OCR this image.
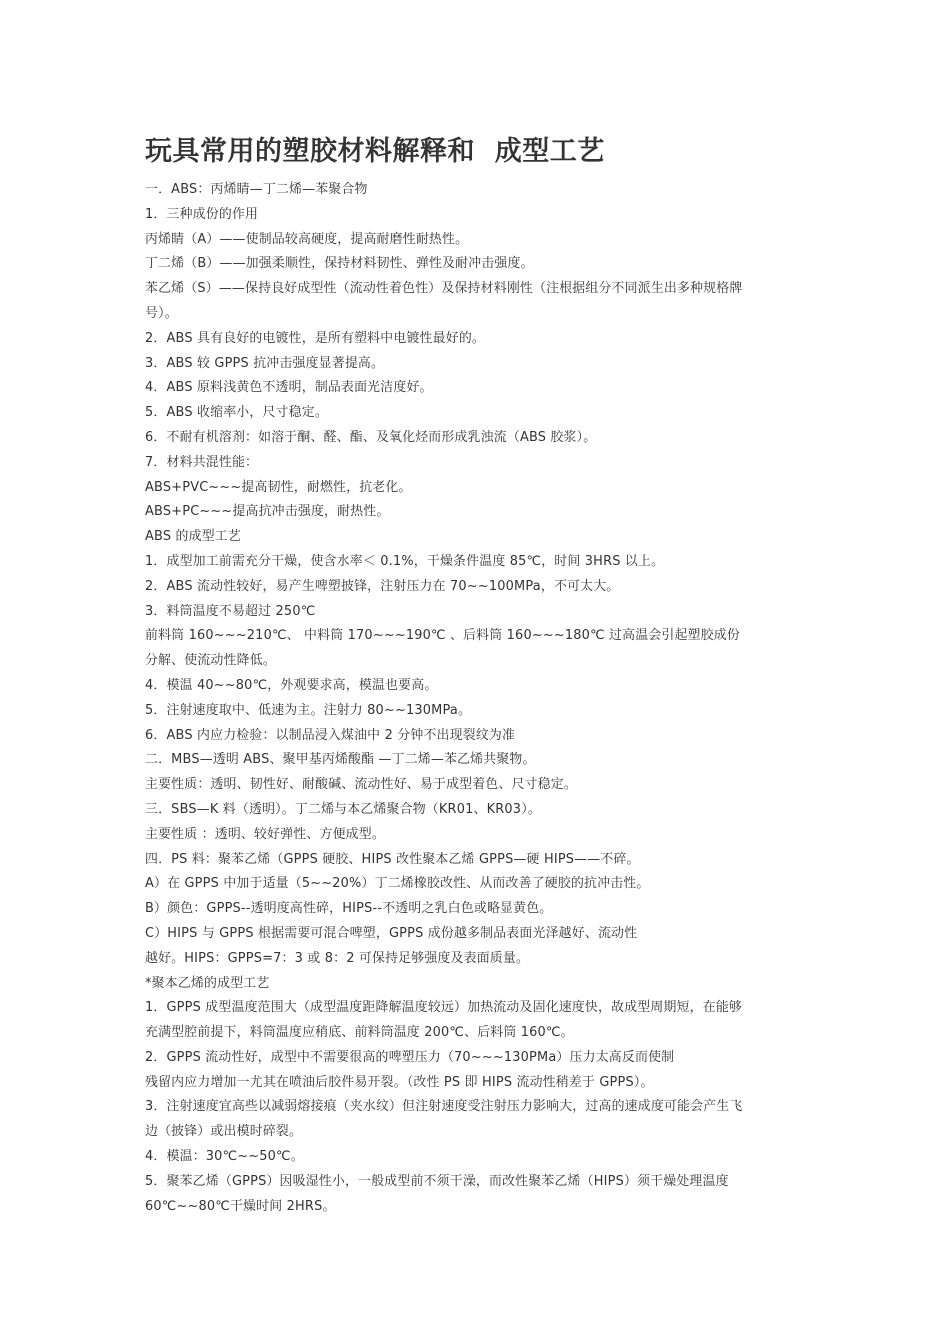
玩具常用的塑胶材料解释和  成型工艺
一．ABS：丙烯睛—丁二烯—苯聚合物
1．三种成份的作用
丙烯睛（A）——使制品较高硬度，提高耐磨性耐热性。
丁二烯（B）——加强柔顺性，保持材料韧性、弹性及耐冲击强度。
苯乙烯（S）——保持良好成型性（流动性着色性）及保持材料刚性（注根据组分不同派生出多种规格牌
号）。
2．ABS 具有良好的电镀性，是所有塑料中电镀性最好的。
3．ABS 较 GPPS 抗冲击强度显著提高。
4．ABS 原料浅黄色不透明，制品表面光洁度好。
5．ABS 收缩率小，尺寸稳定。
6．不耐有机溶剂：如溶于酮、醛、酯、及氧化烃而形成乳浊流（ABS 胶浆）。
7．材料共混性能：
ABS+PVC~~~提高韧性，耐燃性，抗老化。
ABS+PC~~~提高抗冲击强度，耐热性。
ABS 的成型工艺
1．成型加工前需充分干燥，使含水率＜ 0.1%，干燥条件温度 85℃，时间 3HRS 以上。
2．ABS 流动性较好，易产生啤塑披锋，注射压力在 70~~100MPa，不可太大。
3．料筒温度不易超过 250℃
前料筒 160~~~210℃、 中料筒 170~~~190℃ 、后料筒 160~~~180℃ 过高温会引起塑胶成份
分解、使流动性降低。
4．模温 40~~80℃，外观要求高，模温也要高。
5．注射速度取中、低速为主。注射力 80~~130MPa。
6．ABS 内应力检验：以制品浸入煤油中 2 分钟不出现裂纹为准
二．MBS—透明 ABS、聚甲基丙烯酸酯 —丁二烯—苯乙烯共聚物。
主要性质：透明、韧性好、耐酸碱、流动性好、易于成型着色、尺寸稳定。
三．SBS—K 料（透明）。丁二烯与本乙烯聚合物（KR01、KR03）。
主要性质 ：透明、较好弹性、方便成型。
四．PS 料：聚苯乙烯（GPPS 硬胶、HIPS 改性聚本乙烯 GPPS—硬 HIPS——不碎。
A）在 GPPS 中加于适量（5~~20%）丁二烯橡胶改性、从而改善了硬胶的抗冲击性。
B）颜色：GPPS--透明度高性碎，HIPS--不透明之乳白色或略显黄色。
C）HIPS 与 GPPS 根据需要可混合啤塑，GPPS 成份越多制品表面光泽越好、流动性
越好。HIPS：GPPS=7：3 或 8：2 可保持足够强度及表面质量。
*聚本乙烯的成型工艺
1．GPPS 成型温度范围大（成型温度距降解温度较远）加热流动及固化速度快，故成型周期短，在能够
充满型腔前提下，料筒温度应稍底、前料筒温度 200℃、后料筒 160℃。
2．GPPS 流动性好，成型中不需要很高的啤塑压力（70~~~130PMa）压力太高反而使制
残留内应力增加一尤其在喷油后胶件易开裂。（改性 PS 即 HIPS 流动性稍差于 GPPS）。
3．注射速度宜高些以减弱熔接痕（夹水纹）但注射速度受注射压力影响大，过高的速成度可能会产生飞
边（披锋）或出模时碎裂。
4．模温：30℃~~50℃。
5．聚苯乙烯（GPPS）因吸湿性小，一般成型前不须干澡，而改性聚苯乙烯（HIPS）须干燥处理温度
60℃~~80℃干燥时间 2HRS。
